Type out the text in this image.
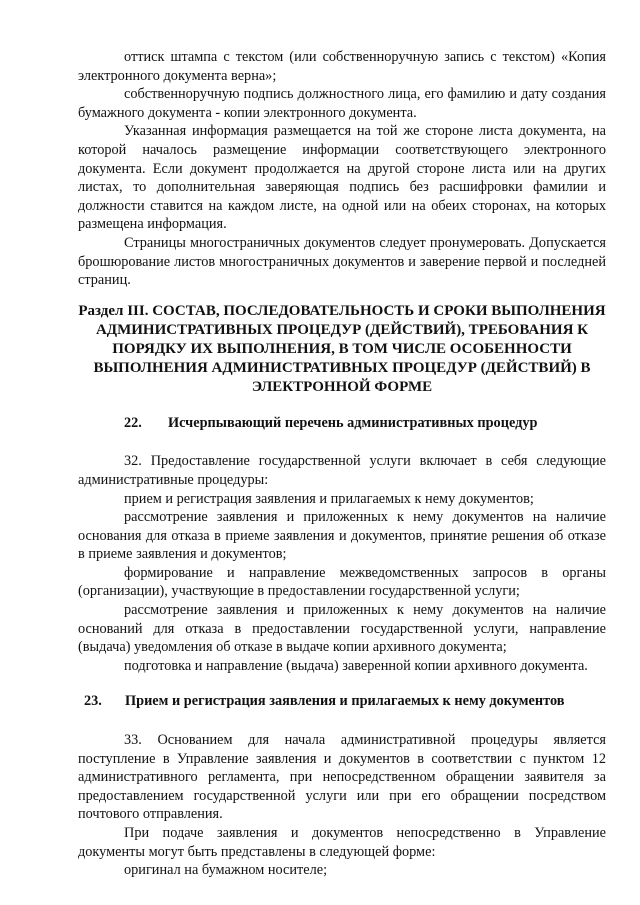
оттиск штампа с текстом (или собственноручную запись с текстом) «Копия электронного документа верна»;

собственноручную подпись должностного лица, его фамилию и дату создания бумажного документа - копии электронного документа.

Указанная информация размещается на той же стороне листа документа, на которой началось размещение информации соответствующего электронного документа. Если документ продолжается на другой стороне листа или на других листах, то дополнительная заверяющая подпись без расшифровки фамилии и должности ставится на каждом листе, на одной или на обеих сторонах, на которых размещена информация.

Страницы многостраничных документов следует пронумеровать. Допускается брошюрование листов многостраничных документов и заверение первой и последней страниц.

Раздел III. СОСТАВ, ПОСЛЕДОВАТЕЛЬНОСТЬ И СРОКИ ВЫПОЛНЕНИЯ АДМИНИСТРАТИВНЫХ ПРОЦЕДУР (ДЕЙСТВИЙ), ТРЕБОВАНИЯ К ПОРЯДКУ ИХ ВЫПОЛНЕНИЯ, В ТОМ ЧИСЛЕ ОСОБЕННОСТИ ВЫПОЛНЕНИЯ АДМИНИСТРАТИВНЫХ ПРОЦЕДУР (ДЕЙСТВИЙ) В ЭЛЕКТРОННОЙ ФОРМЕ

22. Исчерпывающий перечень административных процедур

32. Предоставление государственной услуги включает в себя следующие административные процедуры:

прием и регистрация заявления и прилагаемых к нему документов;

рассмотрение заявления и приложенных к нему документов на наличие основания для отказа в приеме заявления и документов, принятие решения об отказе в приеме заявления и документов;

формирование и направление межведомственных запросов в органы (организации), участвующие в предоставлении государственной услуги;

рассмотрение заявления и приложенных к нему документов на наличие оснований для отказа в предоставлении государственной услуги, направление (выдача) уведомления об отказе в выдаче копии архивного документа;

подготовка и направление (выдача) заверенной копии архивного документа.

23. Прием и регистрация заявления и прилагаемых к нему документов

33. Основанием для начала административной процедуры является поступление в Управление заявления и документов в соответствии с пунктом 12 административного регламента, при непосредственном обращении заявителя за предоставлением государственной услуги или при его обращении посредством почтового отправления.

При подаче заявления и документов непосредственно в Управление документы могут быть представлены в следующей форме:

оригинал на бумажном носителе;
